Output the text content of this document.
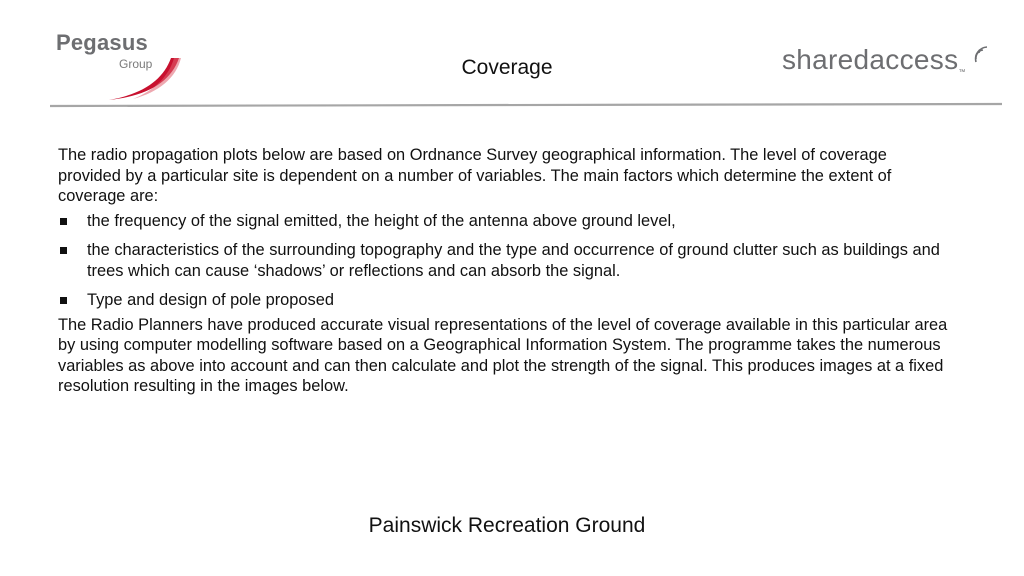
Pegasus
Group	Coverage	sharedaccess™

The radio propagation plots below are based on Ordnance Survey geographical information. The level of coverage provided by a particular site is dependent on a number of variables. The main factors which determine the extent of coverage are:

the frequency of the signal emitted, the height of the antenna above ground level,
the characteristics of the surrounding topography and the type and occurrence of ground clutter such as buildings and trees which can cause ‘shadows’ or reflections and can absorb the signal.
Type and design of pole proposed

The Radio Planners have produced accurate visual representations of the level of coverage available in this particular area by using computer modelling software based on a Geographical Information System. The programme takes the numerous variables as above into account and can then calculate and plot the strength of the signal. This produces images at a fixed resolution resulting in the images below.

Painswick Recreation Ground
